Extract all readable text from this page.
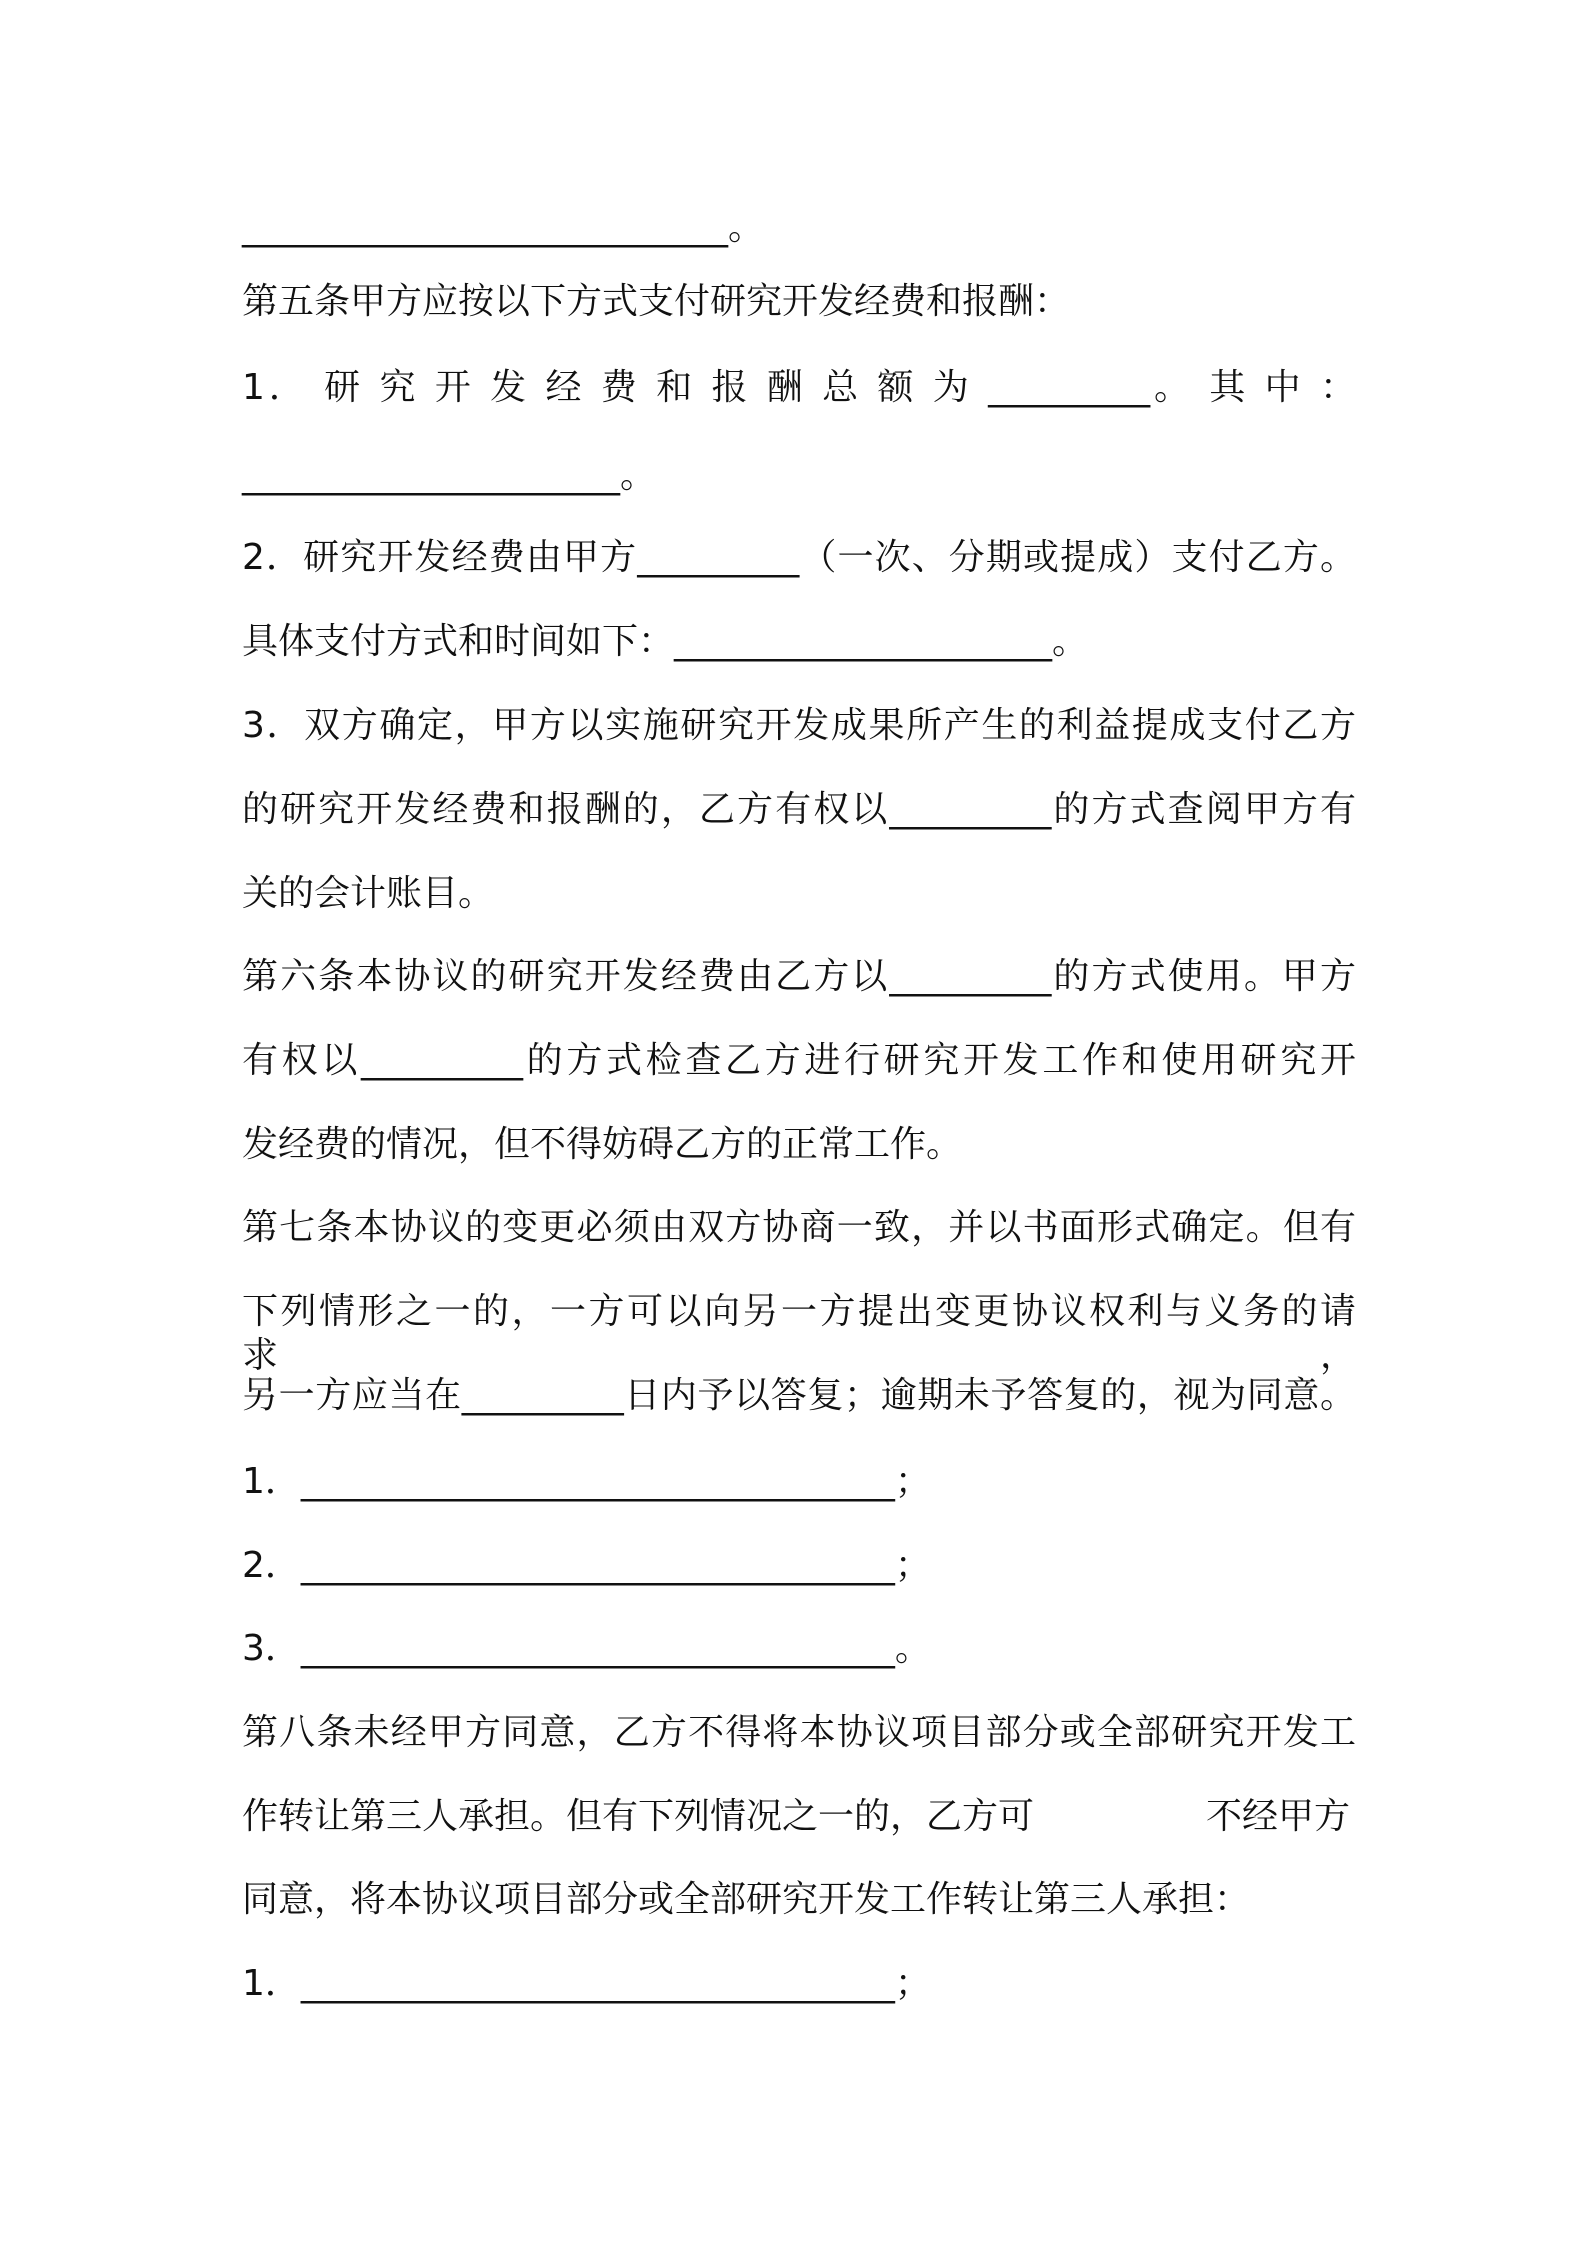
___________________________。
第五条甲方应按以下方式支付研究开发经费和报酬：
1． 研 究 开 发 经 费 和 报 酬 总 额 为 _________。 其 中 ：
_____________________。
2．研究开发经费由甲方_________（一次、分期或提成）支付乙方。
具体支付方式和时间如下：_____________________。
3．双方确定，甲方以实施研究开发成果所产生的利益提成支付乙方
的研究开发经费和报酬的，乙方有权以_________的方式查阅甲方有
关的会计账目。
第六条本协议的研究开发经费由乙方以_________的方式使用。甲方
有权以_________的方式检查乙方进行研究开发工作和使用研究开
发经费的情况，但不得妨碍乙方的正常工作。
第七条本协议的变更必须由双方协商一致，并以书面形式确定。但有
下列情形之一的，一方可以向另一方提出变更协议权利与义务的请求，
另一方应当在_________日内予以答复；逾期未予答复的，视为同意。
1．_________________________________；
2．_________________________________；
3．_________________________________。
第八条未经甲方同意，乙方不得将本协议项目部分或全部研究开发工
作转让第三人承担。但有下列情况之一的，乙方可	不经甲方
同意，将本协议项目部分或全部研究开发工作转让第三人承担：
1．_________________________________；
